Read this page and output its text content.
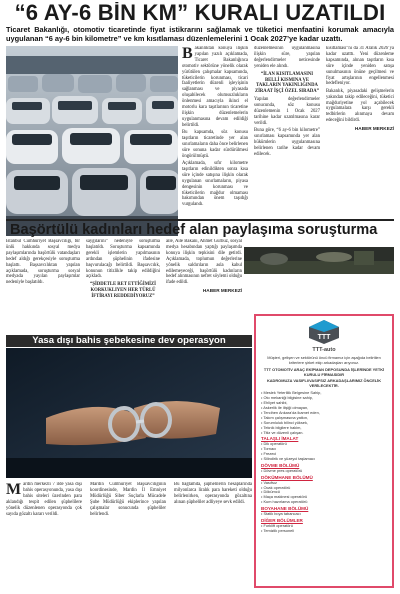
“6 AY-6 BİN KM” KURALI UZATILDI
Ticaret Bakanlığı, otomotiv ticaretinde fiyat istikrarını sağlamak ve tüketici menfaatini korumak amacıyla uygulanan “6 ay-6 bin kilometre” ve km kısıtlaması düzenlemelerini 1 Ocak 2027’ye kadar uzattı.

Bakanlıktan konuya ilişkin yapılan yazılı açıklamada, Ticaret Bakanlığınca otomotiv sektörüne yönelik olarak yürütülen çalışmalar kapsamında, tüketicilerin korunması, ticari faaliyetlerin düzenli işleyişinin sağlanması ve piyasada oluşabilecek olumsuzlukların önlenmesi amacıyla ikinci el motorlu kara taşıtlarının ticaretine ilişkin düzenlemelerin uygulanmasına devam edildiği belirtildi.

Bu kapsamda, söz konusu taşıtların ticaretinde yer alan sınırlamaların daha önce belirlenen süre sonuna kadar sürdürülmesi öngörülmüştü.

Açıklamada, sıfır kilometre taşıtların edinildikten sonra kısa süre içinde satışına ilişkin olarak uygulanan sınırlamaların, piyasa dengesinin korunması ve tüketicilerin mağdur olmaması bakımından önem taşıdığı vurgulandı.

düzenlemesinin uygulanmasına ilişkin süre, yapılan değerlendirmeler neticesinde yeniden ele alındı.

“İLAN KISITLAMASINI BELLİ KISMINA VE TAKLARIN YAKINLIĞINDA ZİRAAT İŞÇİ ÖZEL SIRADA”

Yapılan değerlendirmeler sonucunda, söz konusu düzenlemenin 1 Ocak 2027 tarihine kadar uzatılmasına karar verildi.

Buna göre, “6 ay-6 bin kilometre” sınırlaması kapsamında yer alan hükümlerin uygulanmasına belirlenen tarihe kadar devam edilecek.

kısıtlaması”nı da 31 Aralık 2026’ya kadar uzatttı. Yeni düzenleme kapsamında, alınan taşıtların kısa süre içinde yeniden satışa sunulmasının önüne geçilmesi ve fiyat artışlarının engellenmesi hedefleniyor.

Bakanlık, piyasadaki gelişmelerin yakından takip edileceğini, tüketici mağduriyetine yol açabilecek uygulamalara karşı gerekli tedbirlerin alınmaya devam edeceğini bildirdi.

HABER MERKEZİ

Başörtülü kadınları hedef alan paylaşıma soruşturma

İstanbul Cumhuriyet Başsavcılığı, bir ünlü hakkında sosyal medya paylaşımlarında başörtülü vatandaşları hedef aldığı gerekçesiyle soruşturma başlattı. Başsavcılıktan yapılan açıklamada, soruşturma sosyal medyada yayılan paylaşımlar nedeniyle başlatıldı.

saygılarını” nedeniyle soruşturma başlatıldı. Soruşturma kapsamında gerekli işlemlerin yapılmasının ardından şüphelinin ifadesine başvurulacağı belirtildi. Başsavcılık, konunun titizlikle takip edildiğini açıkladı.

“ŞİDDETLE RET ETTİĞİMİZİ KORKUKLIYEN HER TÜRLÜ İFTİRAYI REDDEDİYORUZ”

aile, Aile Bakanı, Ahmet Gürbüz, sosyal medya hesabından yaptığı paylaşımda konuya ilişkin tepkisini dile getirdi. Açıklamada, toplumun değerlerine yönelik saldırıların asla kabul edilemeyeceği, başörtülü kadınların hedef alınmasının nefret söylemi olduğu ifade edildi.

HABER MERKEZİ

Yasa dışı bahis şebekesine dev operasyon

Mardin merkezli 7 ilde yasa dışı bahis operasyonunda, yasa dışı bahis siteleri üzerinden para aklandığı tespit edilen şüphelilere yönelik düzenlenen operasyonda çok sayıda gözaltı kararı verildi.

Mardin Cumhuriyet Başsavcılığının koordinesinde, Mardin İl Emniyet Müdürlüğü Siber Suçlarla Mücadele Şube Müdürlüğü ekiplerince yapılan çalışmalar sonucunda şüpheliler belirlendi.

Bu bağlamda, şüphelilerin hesaplarında milyonlarca liralık para hareketi olduğu belirlenirken, operasyonda gözaltına alınan şüpheliler adliyeye sevk edildi.

TTT
TTT-auto

Müşteri, gelişen ve sektörünü öncü firmamız için aşağıda belirtilen kriterlere şirket ekip arkadaşları arıyoruz.

TTT OTOMOTİV ARAÇ EKİPMAN DEPOSUNDA İŞLERİNDE YETKİ KURULU FİRMASIDIR

KADROMUZA VASIFLI/VASIFSIZ ARKADAŞLARIMIZ ÖNCELİK VERİLECEKTİR.

• Meslek Yeterlilik Belgesine Sahip,
• Oto mekaniği bilgisine sahip,
• Ehliyet sahibi,
• Askerlik ile ilişiği olmayan,
• Tercihen Ankara’da ikamet eden,
• Takım çalışmasına yatkın,
• Sorumluluk bilinci yüksek,
• Teknik bilgilere hakim,
• Titiz ve düzenli çalışan.

TALAŞLI İMALAT

• Dik operatörü
• Tornacı
• Frezeci
• Silindirik ve yüzeyci taşlamacı

DÖVME BÖLÜMÜ

• Dövme pres operatörü

DÖKÜMHANE BÖLÜMÜ

• Vasıfsız
• Ocak operatörü
• Dökümcü
• Maça makinesi operatörü
• Kum hazırlama operatörü

BOYAHANE BÖLÜMÜ

• Statik boya tabancacı

DİĞER BÖLÜMLER

• Forklift operatörü
• Temizlik personeli
